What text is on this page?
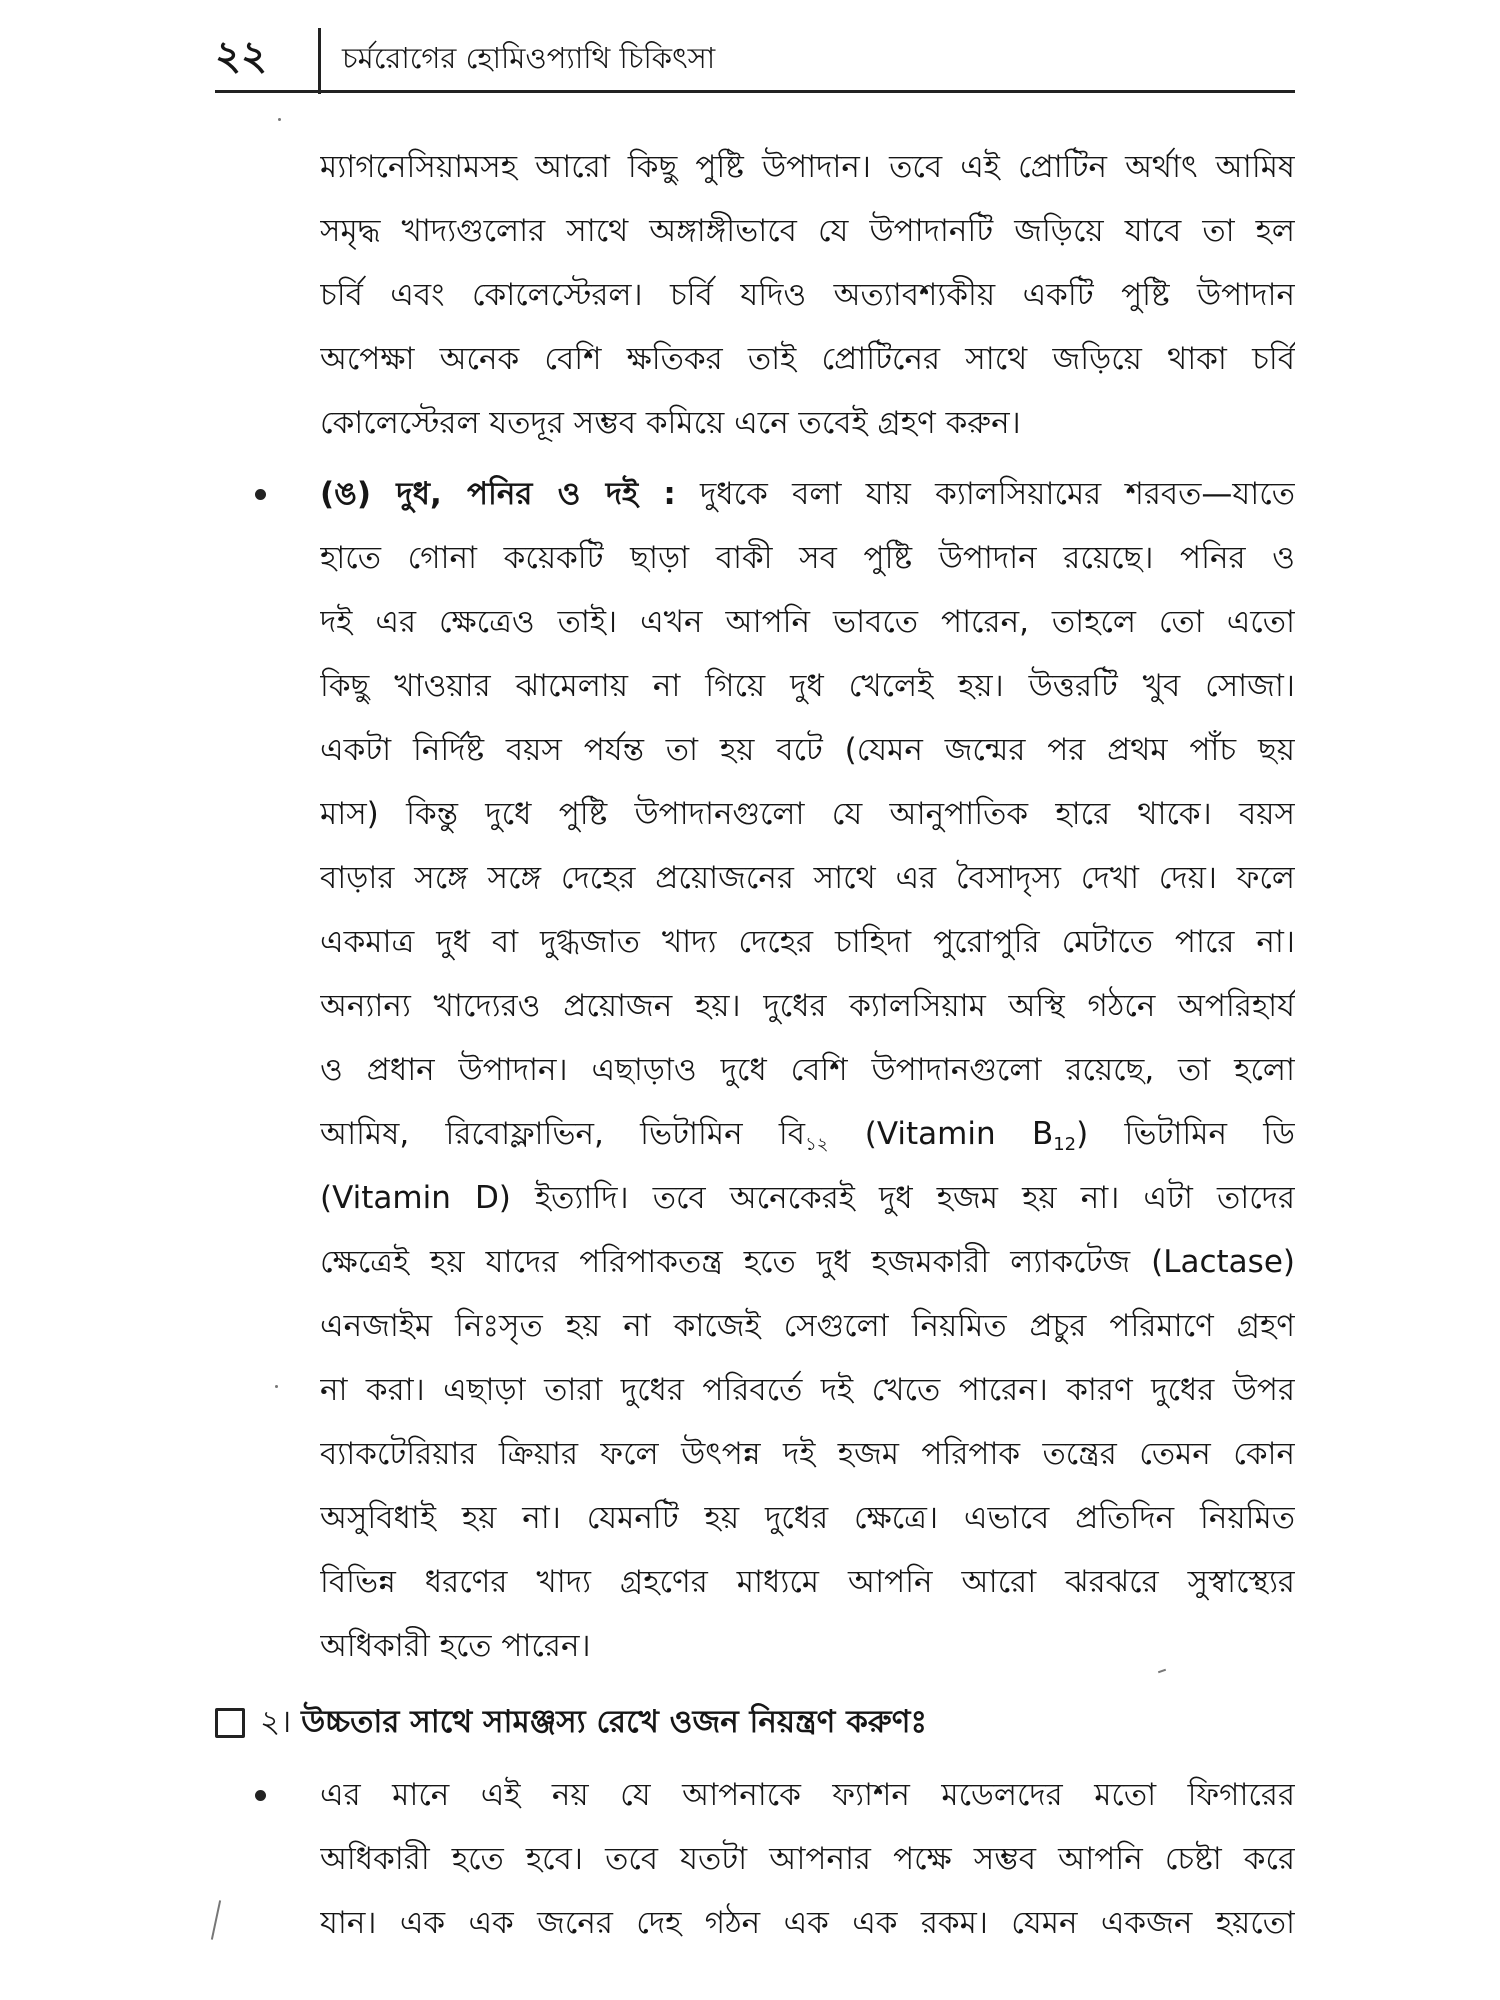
২২	চর্মরোগের হোমিওপ্যাথি চিকিৎসা
ম্যাগনেসিয়ামসহ আরো কিছু পুষ্টি উপাদান। তবে এই প্রোটিন অর্থাৎ আমিষ
সমৃদ্ধ খাদ্যগুলোর সাথে অঙ্গাঙ্গীভাবে যে উপাদানটি জড়িয়ে যাবে তা হল
চর্বি এবং কোলেস্টেরল। চর্বি যদিও অত্যাবশ্যকীয় একটি পুষ্টি উপাদান
অপেক্ষা অনেক বেশি ক্ষতিকর তাই প্রোটিনের সাথে জড়িয়ে থাকা চর্বি
কোলেস্টেরল যতদূর সম্ভব কমিয়ে এনে তবেই গ্রহণ করুন।
(ঙ) দুধ, পনির ও দই : দুধকে বলা যায় ক্যালসিয়ামের শরবত—যাতে
হাতে গোনা কয়েকটি ছাড়া বাকী সব পুষ্টি উপাদান রয়েছে। পনির ও
দই এর ক্ষেত্রেও তাই। এখন আপনি ভাবতে পারেন, তাহলে তো এতো
কিছু খাওয়ার ঝামেলায় না গিয়ে দুধ খেলেই হয়। উত্তরটি খুব সোজা।
একটা নির্দিষ্ট বয়স পর্যন্ত তা হয় বটে (যেমন জন্মের পর প্রথম পাঁচ ছয়
মাস) কিন্তু দুধে পুষ্টি উপাদানগুলো যে আনুপাতিক হারে থাকে। বয়স
বাড়ার সঙ্গে সঙ্গে দেহের প্রয়োজনের সাথে এর বৈসাদৃস্য দেখা দেয়। ফলে
একমাত্র দুধ বা দুগ্ধজাত খাদ্য দেহের চাহিদা পুরোপুরি মেটাতে পারে না।
অন্যান্য খাদ্যেরও প্রয়োজন হয়। দুধের ক্যালসিয়াম অস্থি গঠনে অপরিহার্য
ও প্রধান উপাদান। এছাড়াও দুধে বেশি উপাদানগুলো রয়েছে, তা হলো
আমিষ, রিবোফ্লাভিন, ভিটামিন বি১২ (Vitamin B12) ভিটামিন ডি
(Vitamin D) ইত্যাদি। তবে অনেকেরই দুধ হজম হয় না। এটা তাদের
ক্ষেত্রেই হয় যাদের পরিপাকতন্ত্র হতে দুধ হজমকারী ল্যাকটেজ (Lactase)
এনজাইম নিঃসৃত হয় না কাজেই সেগুলো নিয়মিত প্রচুর পরিমাণে গ্রহণ
না করা। এছাড়া তারা দুধের পরিবর্তে দই খেতে পারেন। কারণ দুধের উপর
ব্যাকটেরিয়ার ক্রিয়ার ফলে উৎপন্ন দই হজম পরিপাক তন্ত্রের তেমন কোন
অসুবিধাই হয় না। যেমনটি হয় দুধের ক্ষেত্রে। এভাবে প্রতিদিন নিয়মিত
বিভিন্ন ধরণের খাদ্য গ্রহণের মাধ্যমে আপনি আরো ঝরঝরে সুস্বাস্থ্যের
অধিকারী হতে পারেন।
২। উচ্চতার সাথে সামঞ্জস্য রেখে ওজন নিয়ন্ত্রণ করুণঃ
এর মানে এই নয় যে আপনাকে ফ্যাশন মডেলদের মতো ফিগারের
অধিকারী হতে হবে। তবে যতটা আপনার পক্ষে সম্ভব আপনি চেষ্টা করে
যান। এক এক জনের দেহ গঠন এক এক রকম। যেমন একজন হয়তো
